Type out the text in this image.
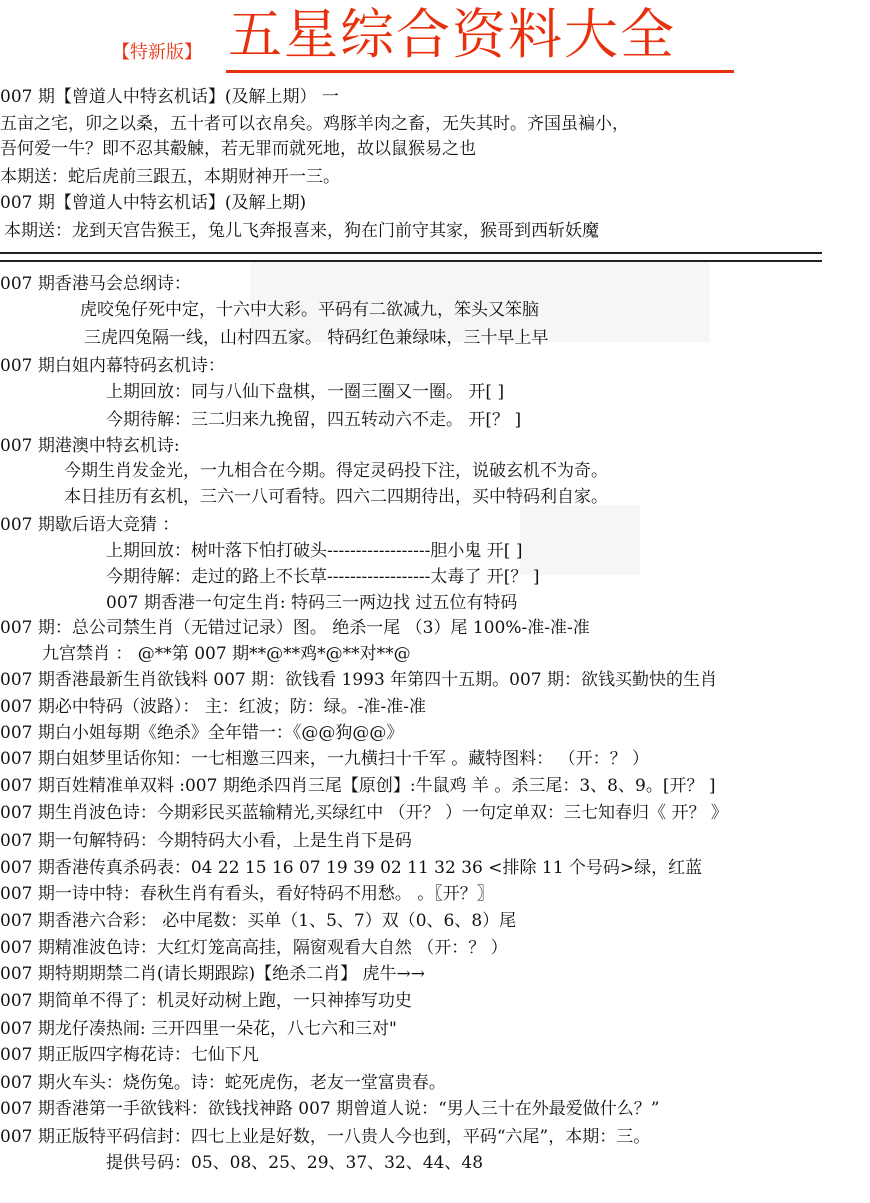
【特新版】 五星综合资料大全
007 期【曾道人中特玄机话】(及解上期） 一
五亩之宅，卯之以桑，五十者可以衣帛矣。鸡豚羊肉之畜，无失其时。齐国虽褊小，
吾何爱一牛？即不忍其觳觫，若无罪而就死地，故以鼠猴易之也
本期送：蛇后虎前三跟五，本期财神开一三。
007 期【曾道人中特玄机话】(及解上期)
本期送：龙到天宫告猴王，兔儿飞奔报喜来，狗在门前守其家，猴哥到西斩妖魔
007 期香港马会总纲诗：
虎咬兔仔死中定，十六中大彩。平码有二欲减九，笨头又笨脑
三虎四兔隔一线，山村四五家。 特码红色兼绿味，三十早上早
007 期白姐内幕特码玄机诗：
上期回放：同与八仙下盘棋，一圈三圈又一圈。 开[ ]
今期待解：三二归来九挽留，四五转动六不走。 开[？ ]
007 期港澳中特玄机诗:
今期生肖发金光，一九相合在今期。得定灵码投下注，说破玄机不为奇。
本日挂历有玄机，三六一八可看特。四六二四期待出，买中特码利自家。
007 期歇后语大竞猜 ：
上期回放：树叶落下怕打破头------------------胆小鬼 开[ ]
今期待解：走过的路上不长草------------------太毒了 开[？ ]
007 期香港一句定生肖: 特码三一两边找 过五位有特码
007 期：总公司禁生肖（无错过记录）图。 绝杀一尾 （3）尾 100%-准-准-准
九宫禁肖 ： @**第 007 期**@**鸡*@**对**@
007 期香港最新生肖欲钱料 007 期：欲钱看 1993 年第四十五期。007 期：欲钱买勤快的生肖
007 期必中特码（波路）： 主：红波；防：绿。-准-准-准
007 期白小姐每期《绝杀》全年错一：《@@狗@@》
007 期白姐梦里话你知：一七相邀三四来，一九横扫十千军 。藏特图料： （开：？ ）
007 期百姓精准单双料 :007 期绝杀四肖三尾【原创】:牛鼠鸡 羊 。杀三尾：3、8、9。[开？ ]
007 期生肖波色诗：今期彩民买蓝输精光,买绿红中 （开？ ）一句定单双：三七知春归《 开？ 》
007 期一句解特码：今期特码大小看，上是生肖下是码
007 期香港传真杀码表：04 22 15 16 07 19 39 02 11 32 36 <排除 11 个号码>绿，红蓝
007 期一诗中特：春秋生肖有看头，看好特码不用愁。 。〖开？〗
007 期香港六合彩： 必中尾数：买单（1、5、7）双（0、6、8）尾
007 期精准波色诗：大红灯笼高高挂，隔窗观看大自然 （开：？ ）
007 期特期期禁二肖(请长期跟踪)【绝杀二肖】 虎牛→→
007 期简单不得了：机灵好动树上跑，一只神捧写功史
007 期龙仔凑热闹: 三开四里一朵花，八七六和三对"
007 期正版四字梅花诗：七仙下凡
007 期火车头：烧伤兔。诗：蛇死虎伤，老友一堂富贵春。
007 期香港第一手欲钱料：欲钱找神路 007 期曾道人说：“男人三十在外最爱做什么？”
007 期正版特平码信封：四七上业是好数，一八贵人今也到，平码“六尾”，本期：三。
提供号码：05、08、25、29、37、32、44、48
